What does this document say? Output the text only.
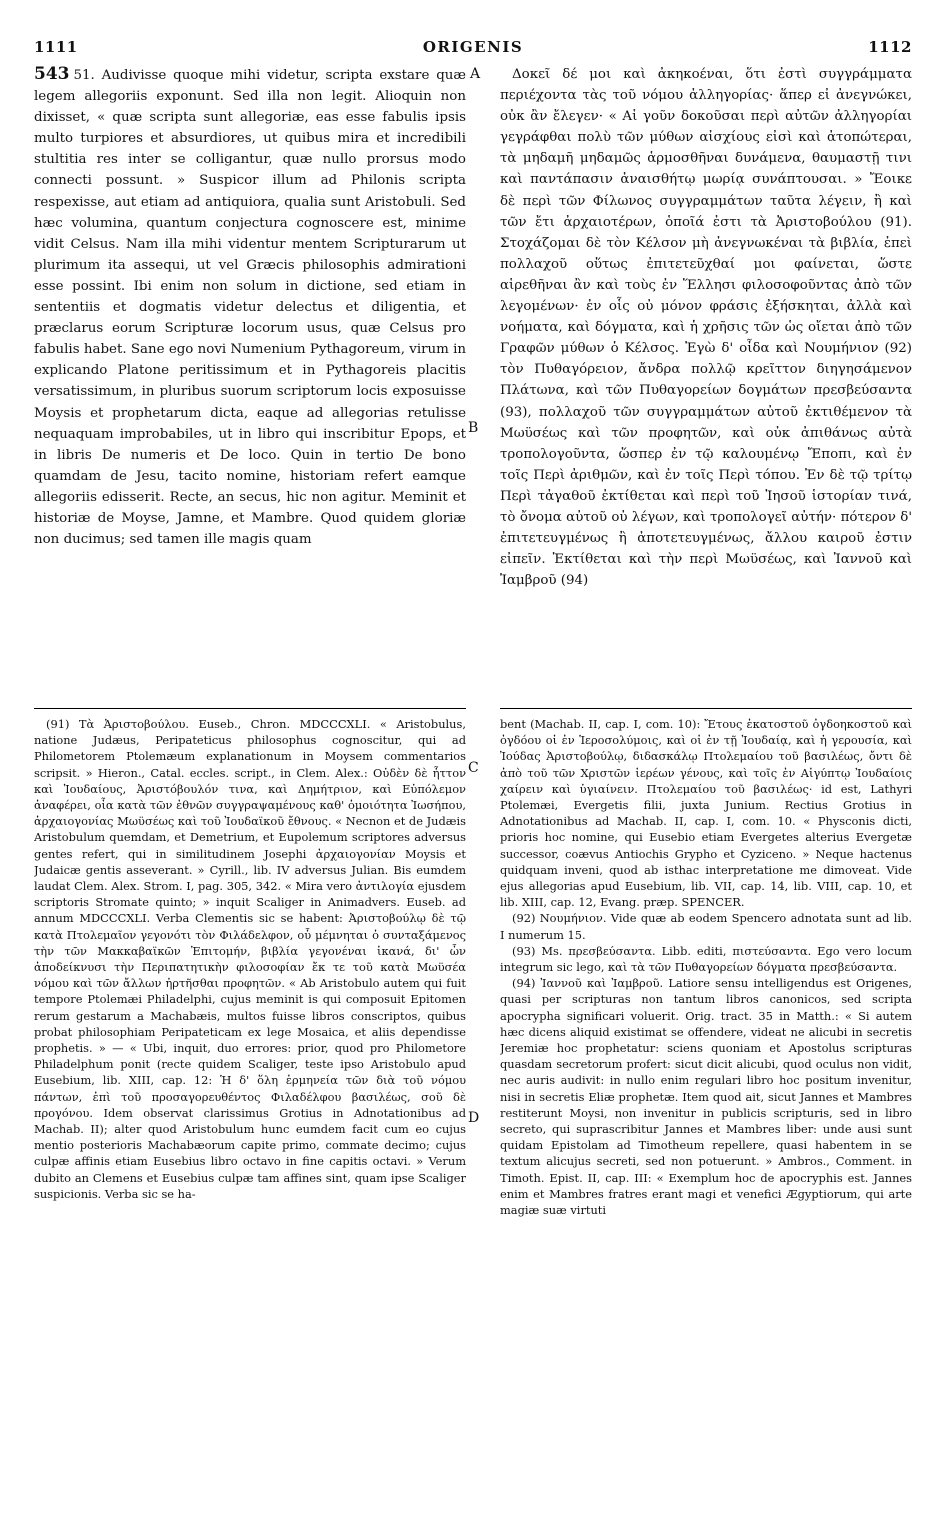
1111	ORIGENIS	1112

543 51. Audivisse quoque mihi videtur, scripta exstare quæ legem allegoriis exponunt. Sed illa non legit. Alioquin non dixisset, « quæ scripta sunt allegoriæ, eas esse fabulis ipsis multo turpiores et absurdiores, ut quibus mira et incredibili stultitia res inter se colligantur, quæ nullo prorsus modo connecti possunt. » Suspicor illum ad Philonis scripta respexisse, aut etiam ad antiquiora, qualia sunt Aristobuli. Sed hæc volumina, quantum conjectura cognoscere est, minime vidit Celsus. Nam illa mihi videntur mentem Scripturarum ut plurimum ita assequi, ut vel Græcis philosophis admirationi esse possint. Ibi enim non solum in dictione, sed etiam in sententiis et dogmatis videtur delectus et diligentia, et præclarus eorum Scripturæ locorum usus, quæ Celsus pro fabulis habet. Sane ego novi Numenium Pythagoreum, virum in explicando Platone peritissimum et in Pythagoreis placitis versatissimum, in pluribus suorum scriptorum locis exposuisse Moysis et prophetarum dicta, eaque ad allegorias retulisse nequaquam improbabiles, ut in libro qui inscribitur Epops, et in libris De numeris et De loco. Quin in tertio De bono quamdam de Jesu, tacito nomine, historiam refert eamque allegoriis edisserit. Recte, an secus, hic non agitur. Meminit et historiæ de Moyse, Jamne, et Mambre. Quod quidem gloriæ non ducimus; sed tamen ille magis quam

Δοκεῖ δέ μοι καὶ ἀκηκοέναι, ὅτι ἐστὶ συγγράμματα περιέχοντα τὰς τοῦ νόμου ἀλληγορίας· ἅπερ εἰ ἀνεγνώκει, οὐκ ἂν ἔλεγεν· « Αἱ γοῦν δοκοῦσαι περὶ αὐτῶν ἀλληγορίαι γεγράφθαι πολὺ τῶν μύθων αἰσχίους εἰσὶ καὶ ἀτοπώτεραι, τὰ μηδαμῆ μηδαμῶς ἁρμοσθῆναι δυνάμενα, θαυμαστῇ τινι καὶ παντάπασιν ἀναισθήτῳ μωρίᾳ συνάπτουσαι. » Ἔοικε δὲ περὶ τῶν Φίλωνος συγγραμμάτων ταῦτα λέγειν, ἢ καὶ τῶν ἔτι ἀρχαιοτέρων, ὁποῖά ἐστι τὰ Ἀριστοβούλου (91). Στοχάζομαι δὲ τὸν Κέλσον μὴ ἀνεγνωκέναι τὰ βιβλία, ἐπεὶ πολλαχοῦ οὕτως ἐπιτετεῦχθαί μοι φαίνεται, ὥστε αἱρεθῆναι ἂν καὶ τοὺς ἐν Ἕλλησι φιλοσοφοῦντας ἀπὸ τῶν λεγομένων· ἐν οἷς οὐ μόνον φράσις ἐξήσκηται, ἀλλὰ καὶ νοήματα, καὶ δόγματα, καὶ ἡ χρῆσις τῶν ὡς οἴεται ἀπὸ τῶν Γραφῶν μύθων ὁ Κέλσος. Ἐγὼ δ' οἶδα καὶ Νουμήνιον (92) τὸν Πυθαγόρειον, ἄνδρα πολλῷ κρεῖττον διηγησάμενον Πλάτωνα, καὶ τῶν Πυθαγορείων δογμάτων πρεσβεύσαντα (93), πολλαχοῦ τῶν συγγραμμάτων αὐτοῦ ἐκτιθέμενον τὰ Μωϋσέως καὶ τῶν προφητῶν, καὶ οὐκ ἀπιθάνως αὐτὰ τροπολογοῦντα, ὥσπερ ἐν τῷ καλουμένῳ Ἔποπι, καὶ ἐν τοῖς Περὶ ἀριθμῶν, καὶ ἐν τοῖς Περὶ τόπου. Ἐν δὲ τῷ τρίτῳ Περὶ τἀγαθοῦ ἐκτίθεται καὶ περὶ τοῦ Ἰησοῦ ἱστορίαν τινά, τὸ ὄνομα αὐτοῦ οὐ λέγων, καὶ τροπολογεῖ αὐτήν· πότερον δ' ἐπιτετευγμένως ἢ ἀποτετευγμένως, ἄλλου καιροῦ ἐστιν εἰπεῖν. Ἐκτίθεται καὶ τὴν περὶ Μωϋσέως, καὶ Ἰαννοῦ καὶ Ἰαμβροῦ (94)

A
B
C
D

(91) Τὰ Ἀριστοβούλου. Euseb., Chron. MDCCCXLI. « Aristobulus, natione Judæus, Peripateticus philosophus cognoscitur, qui ad Philometorem Ptolemæum explanationum in Moysem commentarios scripsit. » Hieron., Catal. eccles. script., in Clem. Alex.: Οὐδὲν δὲ ἧττον καὶ Ἰουδαίους, Ἀριστόβουλόν τινα, καὶ Δημήτριον, καὶ Εὐπόλεμον ἀναφέρει, οἷα κατὰ τῶν ἐθνῶν συγγραψαμένους καθ' ὁμοιότητα Ἰωσήπου, ἀρχαιογονίας Μωϋσέως καὶ τοῦ Ἰουδαϊκοῦ ἔθνους. « Necnon et de Judæis Aristobulum quemdam, et Demetrium, et Eupolemum scriptores adversus gentes refert, qui in similitudinem Josephi ἀρχαιογονίαν Moysis et Judaicæ gentis asseverant. » Cyrill., lib. IV adversus Julian. Bis eumdem laudat Clem. Alex. Strom. I, pag. 305, 342. « Mira vero ἀντιλογία ejusdem scriptoris Stromate quinto; » inquit Scaliger in Animadvers. Euseb. ad annum MDCCCXLI. Verba Clementis sic se habent: Ἀριστοβούλῳ δὲ τῷ κατὰ Πτολεμαῖον γεγονότι τὸν Φιλάδελφον, οὗ μέμνηται ὁ συνταξάμενος τὴν τῶν Μακκαβαϊκῶν Ἐπιτομήν, βιβλία γεγονέναι ἱκανά, δι' ὧν ἀποδείκνυσι τὴν Περιπατητικὴν φιλοσοφίαν ἔκ τε τοῦ κατὰ Μωϋσέα νόμου καὶ τῶν ἄλλων ἠρτῆσθαι προφητῶν. « Ab Aristobulo autem qui fuit tempore Ptolemæi Philadelphi, cujus meminit is qui composuit Epitomen rerum gestarum a Machabæis, multos fuisse libros conscriptos, quibus probat philosophiam Peripateticam ex lege Mosaica, et aliis dependisse prophetis. » — « Ubi, inquit, duo errores: prior, quod pro Philometore Philadelphum ponit (recte quidem Scaliger, teste ipso Aristobulo apud Eusebium, lib. XIII, cap. 12: Ἡ δ' ὅλη ἑρμηνεία τῶν διὰ τοῦ νόμου πάντων, ἐπὶ τοῦ προσαγορευθέντος Φιλαδέλφου βασιλέως, σοῦ δὲ προγόνου. Idem observat clarissimus Grotius in Adnotationibus ad Machab. II); alter quod Aristobulum hunc eumdem facit cum eo cujus mentio posterioris Machabæorum capite primo, commate decimo; cujus culpæ affinis etiam Eusebius libro octavo in fine capitis octavi. » Verum dubito an Clemens et Eusebius culpæ tam affines sint, quam ipse Scaliger suspicionis. Verba sic se ha-

bent (Machab. II, cap. I, com. 10): Ἔτους ἑκατοστοῦ ὀγδοηκοστοῦ καὶ ὀγδόου οἱ ἐν Ἱεροσολύμοις, καὶ οἱ ἐν τῇ Ἰουδαίᾳ, καὶ ἡ γερουσία, καὶ Ἰούδας Ἀριστοβούλῳ, διδασκάλῳ Πτολεμαίου τοῦ βασιλέως, ὄντι δὲ ἀπὸ τοῦ τῶν Χριστῶν ἱερέων γένους, καὶ τοῖς ἐν Αἰγύπτῳ Ἰουδαίοις χαίρειν καὶ ὑγιαίνειν. Πτολεμαίου τοῦ βασιλέως· id est, Lathyri Ptolemæi, Evergetis filii, juxta Junium. Rectius Grotius in Adnotationibus ad Machab. II, cap. I, com. 10. « Physconis dicti, prioris hoc nomine, qui Eusebio etiam Evergetes alterius Evergetæ successor, coævus Antiochis Grypho et Cyziceno. » Neque hactenus quidquam inveni, quod ab isthac interpretatione me dimoveat. Vide ejus allegorias apud Eusebium, lib. VII, cap. 14, lib. VIII, cap. 10, et lib. XIII, cap. 12, Evang. præp. SPENCER.

(92) Νουμήνιον. Vide quæ ab eodem Spencero adnotata sunt ad lib. I numerum 15.

(93) Ms. πρεσβεύσαντα. Libb. editi, πιστεύσαντα. Ego vero locum integrum sic lego, καὶ τὰ τῶν Πυθαγορείων δόγματα πρεσβεύσαντα.

(94) Ἰαννοῦ καὶ Ἰαμβροῦ. Latiore sensu intelligendus est Origenes, quasi per scripturas non tantum libros canonicos, sed scripta apocrypha significari voluerit. Orig. tract. 35 in Matth.: « Si autem hæc dicens aliquid existimat se offendere, videat ne alicubi in secretis Jeremiæ hoc prophetatur: sciens quoniam et Apostolus scripturas quasdam secretorum profert: sicut dicit alicubi, quod oculus non vidit, nec auris audivit: in nullo enim regulari libro hoc positum invenitur, nisi in secretis Eliæ prophetæ. Item quod ait, sicut Jannes et Mambres restiterunt Moysi, non invenitur in publicis scripturis, sed in libro secreto, qui suprascribitur Jannes et Mambres liber: unde ausi sunt quidam Epistolam ad Timotheum repellere, quasi habentem in se textum alicujus secreti, sed non potuerunt. » Ambros., Comment. in Timoth. Epist. II, cap. III: « Exemplum hoc de apocryphis est. Jannes enim et Mambres fratres erant magi et venefici Ægyptiorum, qui arte magiæ suæ virtuti
